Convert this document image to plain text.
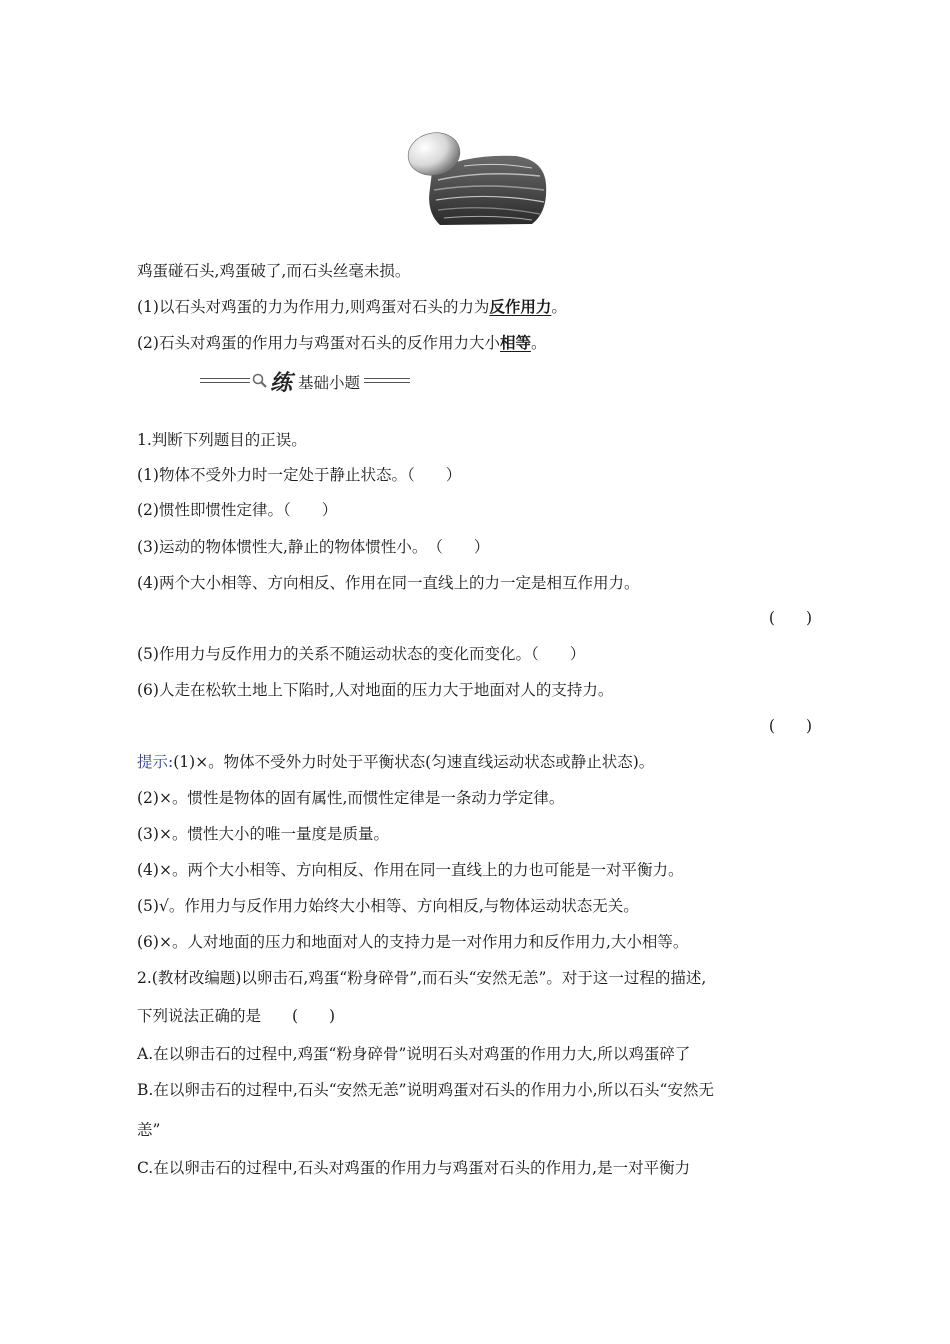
鸡蛋碰石头,鸡蛋破了,而石头丝毫未损。
(1)以石头对鸡蛋的力为作用力,则鸡蛋对石头的力为反作用力。
(2)石头对鸡蛋的作用力与鸡蛋对石头的反作用力大小相等。
练 基础小题
1.判断下列题目的正误。
(1)物体不受外力时一定处于静止状态。（　　）
(2)惯性即惯性定律。（　　）
(3)运动的物体惯性大,静止的物体惯性小。　（　　）
(4)两个大小相等、方向相反、作用在同一直线上的力一定是相互作用力。
(　　)
(5)作用力与反作用力的关系不随运动状态的变化而变化。（　　）
(6)人走在松软土地上下陷时,人对地面的压力大于地面对人的支持力。
(　　)
提示:(1)×。物体不受外力时处于平衡状态(匀速直线运动状态或静止状态)。
(2)×。惯性是物体的固有属性,而惯性定律是一条动力学定律。
(3)×。惯性大小的唯一量度是质量。
(4)×。两个大小相等、方向相反、作用在同一直线上的力也可能是一对平衡力。
(5)√。作用力与反作用力始终大小相等、方向相反,与物体运动状态无关。
(6)×。人对地面的压力和地面对人的支持力是一对作用力和反作用力,大小相等。
2.(教材改编题)以卵击石,鸡蛋“粉身碎骨”,而石头“安然无恙”。对于这一过程的描述,
下列说法正确的是　　(　　)
A.在以卵击石的过程中,鸡蛋“粉身碎骨”说明石头对鸡蛋的作用力大,所以鸡蛋碎了
B.在以卵击石的过程中,石头“安然无恙”说明鸡蛋对石头的作用力小,所以石头“安然无
恙”
C.在以卵击石的过程中,石头对鸡蛋的作用力与鸡蛋对石头的作用力,是一对平衡力
